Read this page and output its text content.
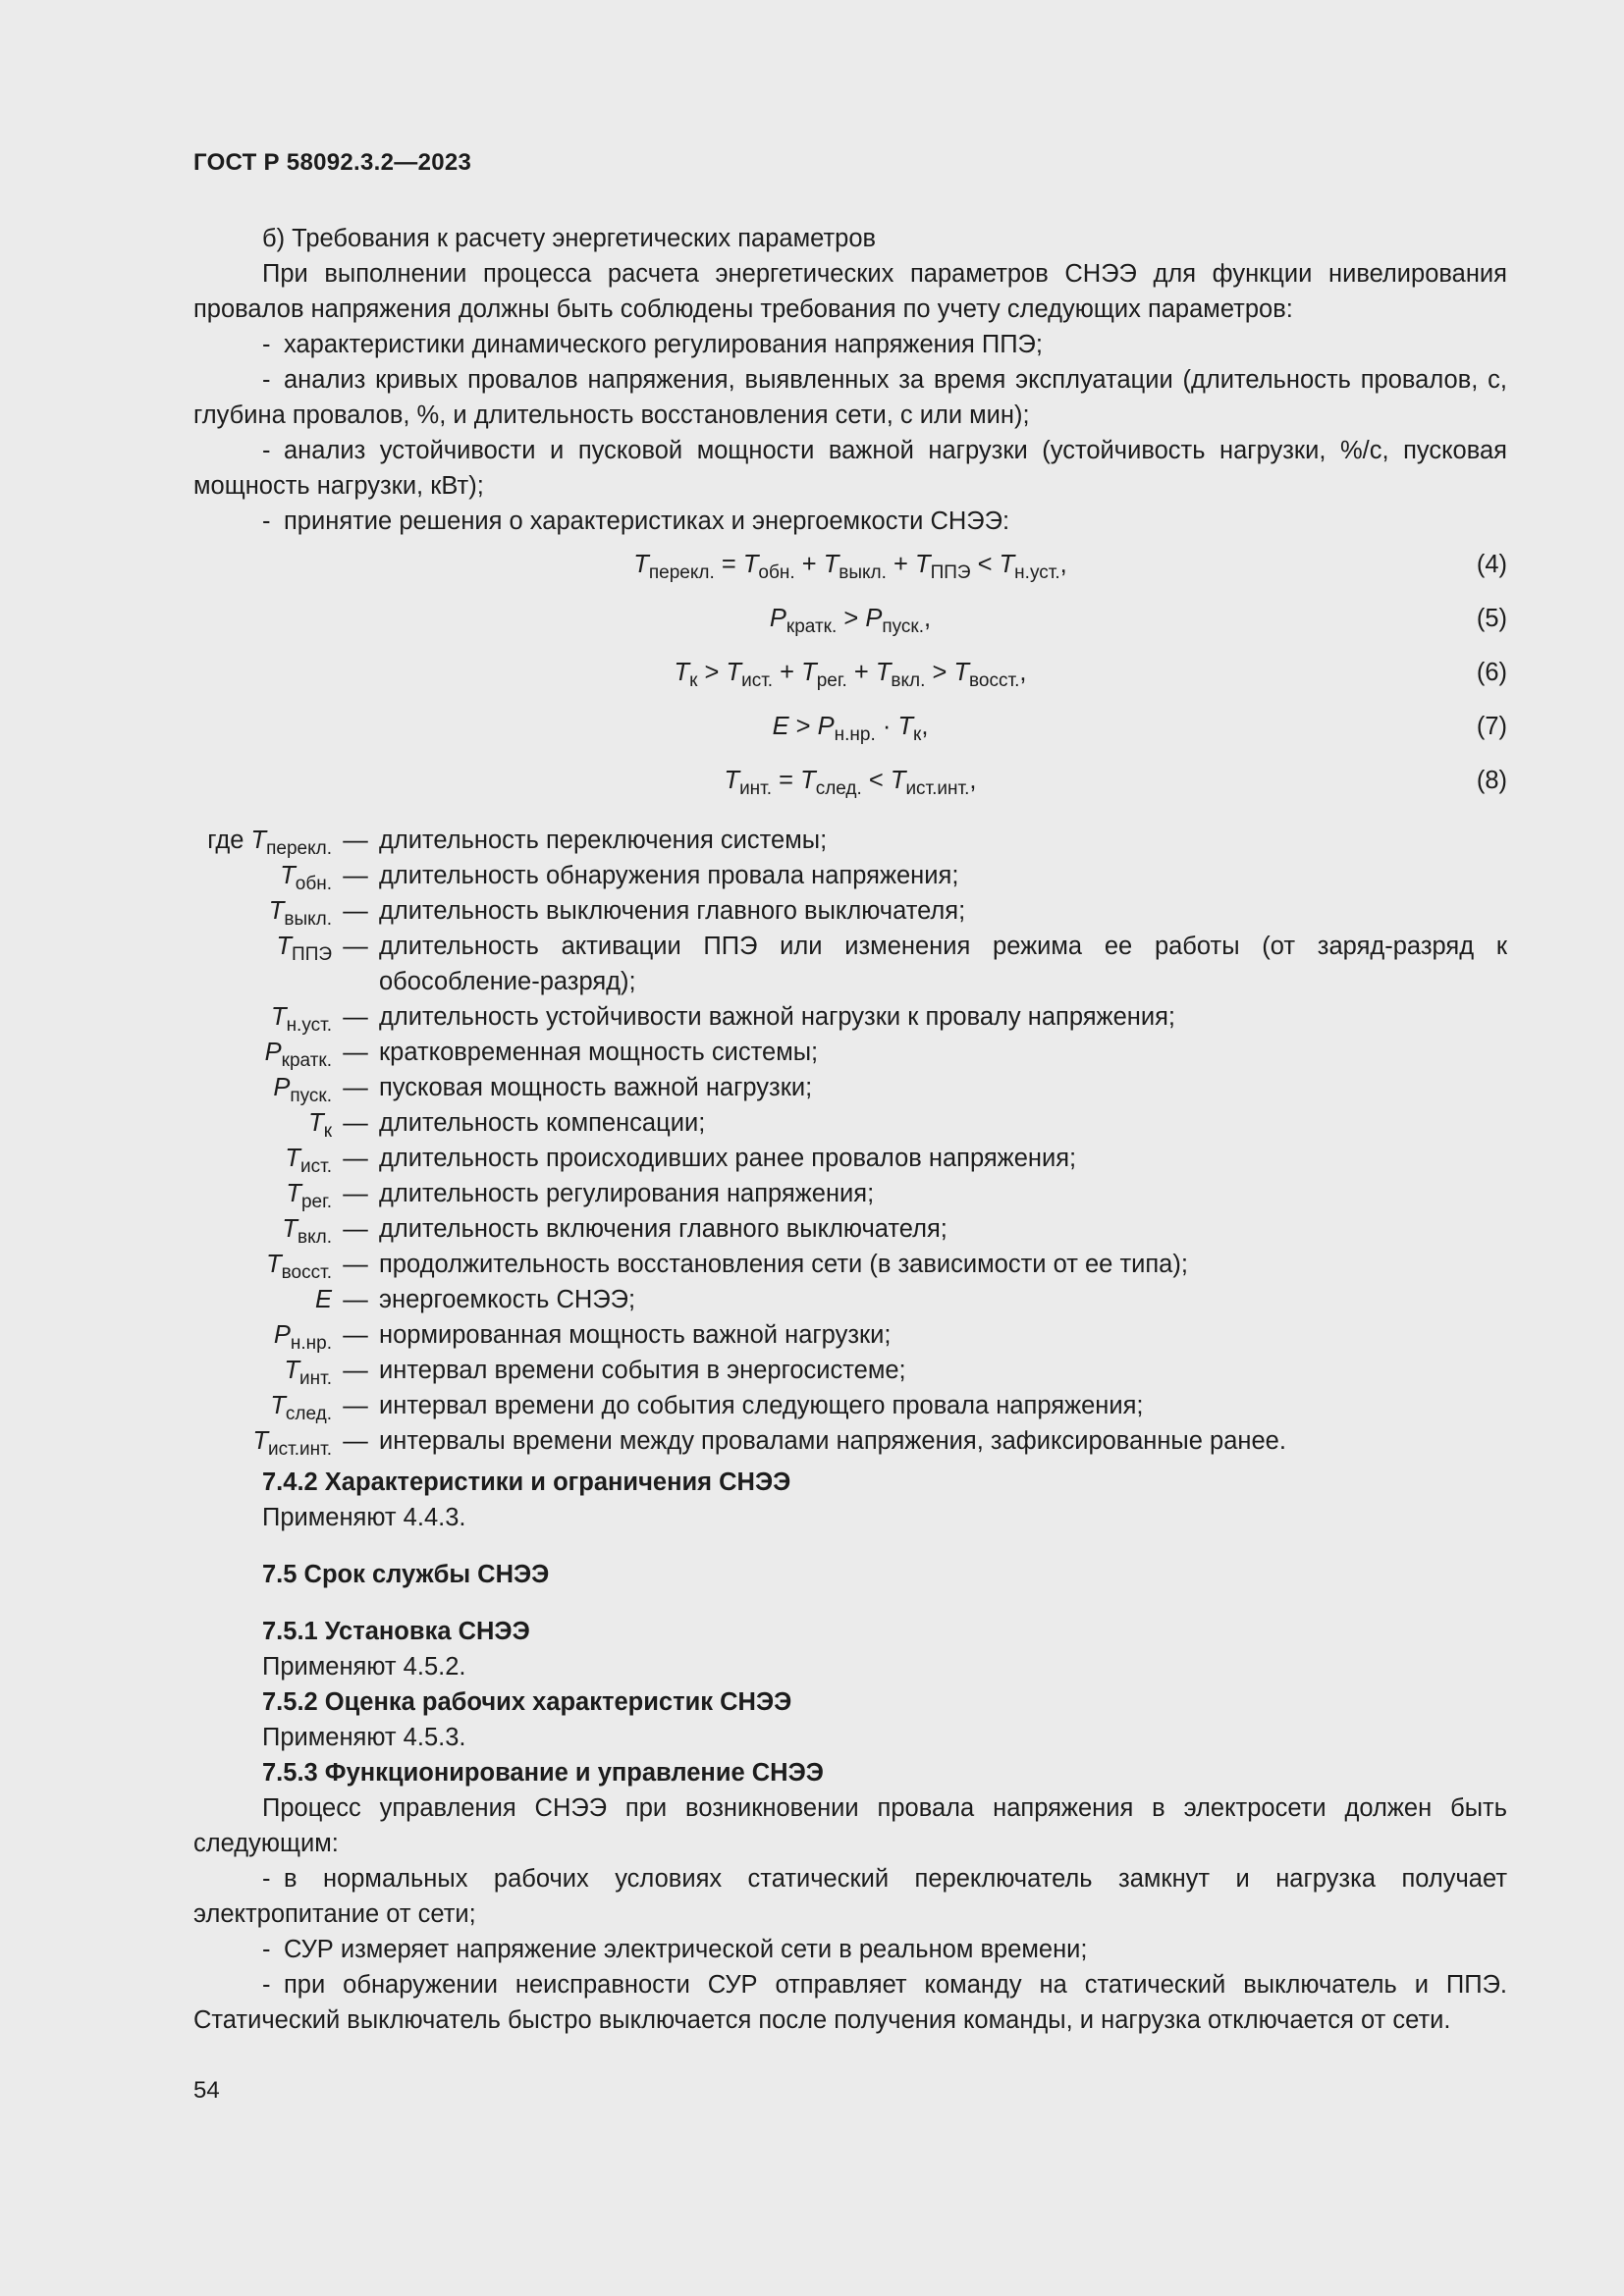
ГОСТ Р 58092.3.2—2023

б) Требования к расчету энергетических параметров

При выполнении процесса расчета энергетических параметров СНЭЭ для функции нивелирования провалов напряжения должны быть соблюдены требования по учету следующих параметров:

- характеристики динамического регулирования напряжения ППЭ;

- анализ кривых провалов напряжения, выявленных за время эксплуатации (длительность провалов, с, глубина провалов, %, и длительность восстановления сети, с или мин);

- анализ устойчивости и пусковой мощности важной нагрузки (устойчивость нагрузки, %/с, пусковая мощность нагрузки, кВт);

- принятие решения о характеристиках и энергоемкости СНЭЭ:

$T_{перекл.} = T_{обн.} + T_{выкл.} + T_{ППЭ} < T_{н.уст.}$,	(4)
$P_{кратк.} > P_{пуск.}$,	(5)
$T_к > T_{ист.} + T_{рег.} + T_{вкл.} > T_{восст.}$,	(6)
$E > P_{н.нр.} \cdot T_к$,	(7)
$T_{инт.} = T_{след.} < T_{ист.инт.}$,	(8)
где $T_{перекл.}$ — длительность переключения системы;
$T_{обн.}$ — длительность обнаружения провала напряжения;
$T_{выкл.}$ — длительность выключения главного выключателя;
$T_{ППЭ}$ — длительность активации ППЭ или изменения режима ее работы (от заряд-разряд к обособление-разряд);
$T_{н.уст.}$ — длительность устойчивости важной нагрузки к провалу напряжения;
$P_{кратк.}$ — кратковременная мощность системы;
$P_{пуск.}$ — пусковая мощность важной нагрузки;
$T_к$ — длительность компенсации;
$T_{ист.}$ — длительность происходивших ранее провалов напряжения;
$T_{рег.}$ — длительность регулирования напряжения;
$T_{вкл.}$ — длительность включения главного выключателя;
$T_{восст.}$ — продолжительность восстановления сети (в зависимости от ее типа);
E — энергоемкость СНЭЭ;
$P_{н.нр.}$ — нормированная мощность важной нагрузки;
$T_{инт.}$ — интервал времени события в энергосистеме;
$T_{след.}$ — интервал времени до события следующего провала напряжения;
$T_{ист.инт.}$ — интервалы времени между провалами напряжения, зафиксированные ранее.

7.4.2 Характеристики и ограничения СНЭЭ

Применяют 4.4.3.

7.5 Срок службы СНЭЭ

7.5.1 Установка СНЭЭ

Применяют 4.5.2.

7.5.2 Оценка рабочих характеристик СНЭЭ

Применяют 4.5.3.

7.5.3 Функционирование и управление СНЭЭ

Процесс управления СНЭЭ при возникновении провала напряжения в электросети должен быть следующим:

- в нормальных рабочих условиях статический переключатель замкнут и нагрузка получает электропитание от сети;

- СУР измеряет напряжение электрической сети в реальном времени;

- при обнаружении неисправности СУР отправляет команду на статический выключатель и ППЭ. Статический выключатель быстро выключается после получения команды, и нагрузка отключается от сети.

54
